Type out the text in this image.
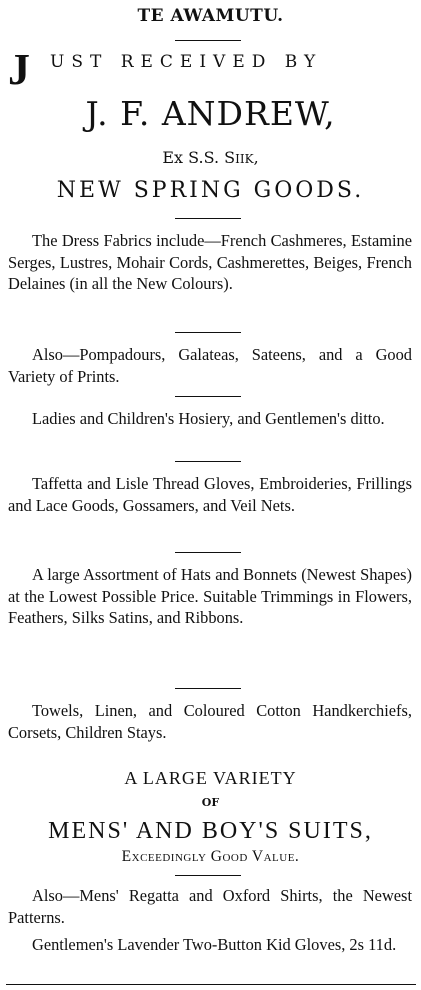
TE AWAMUTU.
J UST RECEIVED BY
J. F. ANDREW,
Ex S.S. SIIK,
NEW SPRING GOODS.

The Dress Fabrics include—French Cashmeres, Estamine Serges, Lustres, Mohair Cords, Cashmerettes, Beiges, French Delaines (in all the New Colours).

Also—Pompadours, Galateas, Sateens, and a Good Variety of Prints.

Ladies and Children's Hosiery, and Gentlemen's ditto.

Taffetta and Lisle Thread Gloves, Embroideries, Frillings and Lace Goods, Gossamers, and Veil Nets.

A large Assortment of Hats and Bonnets (Newest Shapes) at the Lowest Possible Price. Suitable Trimmings in Flowers, Feathers, Silks Satins, and Ribbons.

Towels, Linen, and Coloured Cotton Handkerchiefs, Corsets, Children Stays.

A LARGE VARIETY
OF
MENS' AND BOY'S SUITS,
Exceedingly Good Value.

Also—Mens' Regatta and Oxford Shirts, the Newest Patterns.

Gentlemen's Lavender Two-Button Kid Gloves, 2s 11d.
